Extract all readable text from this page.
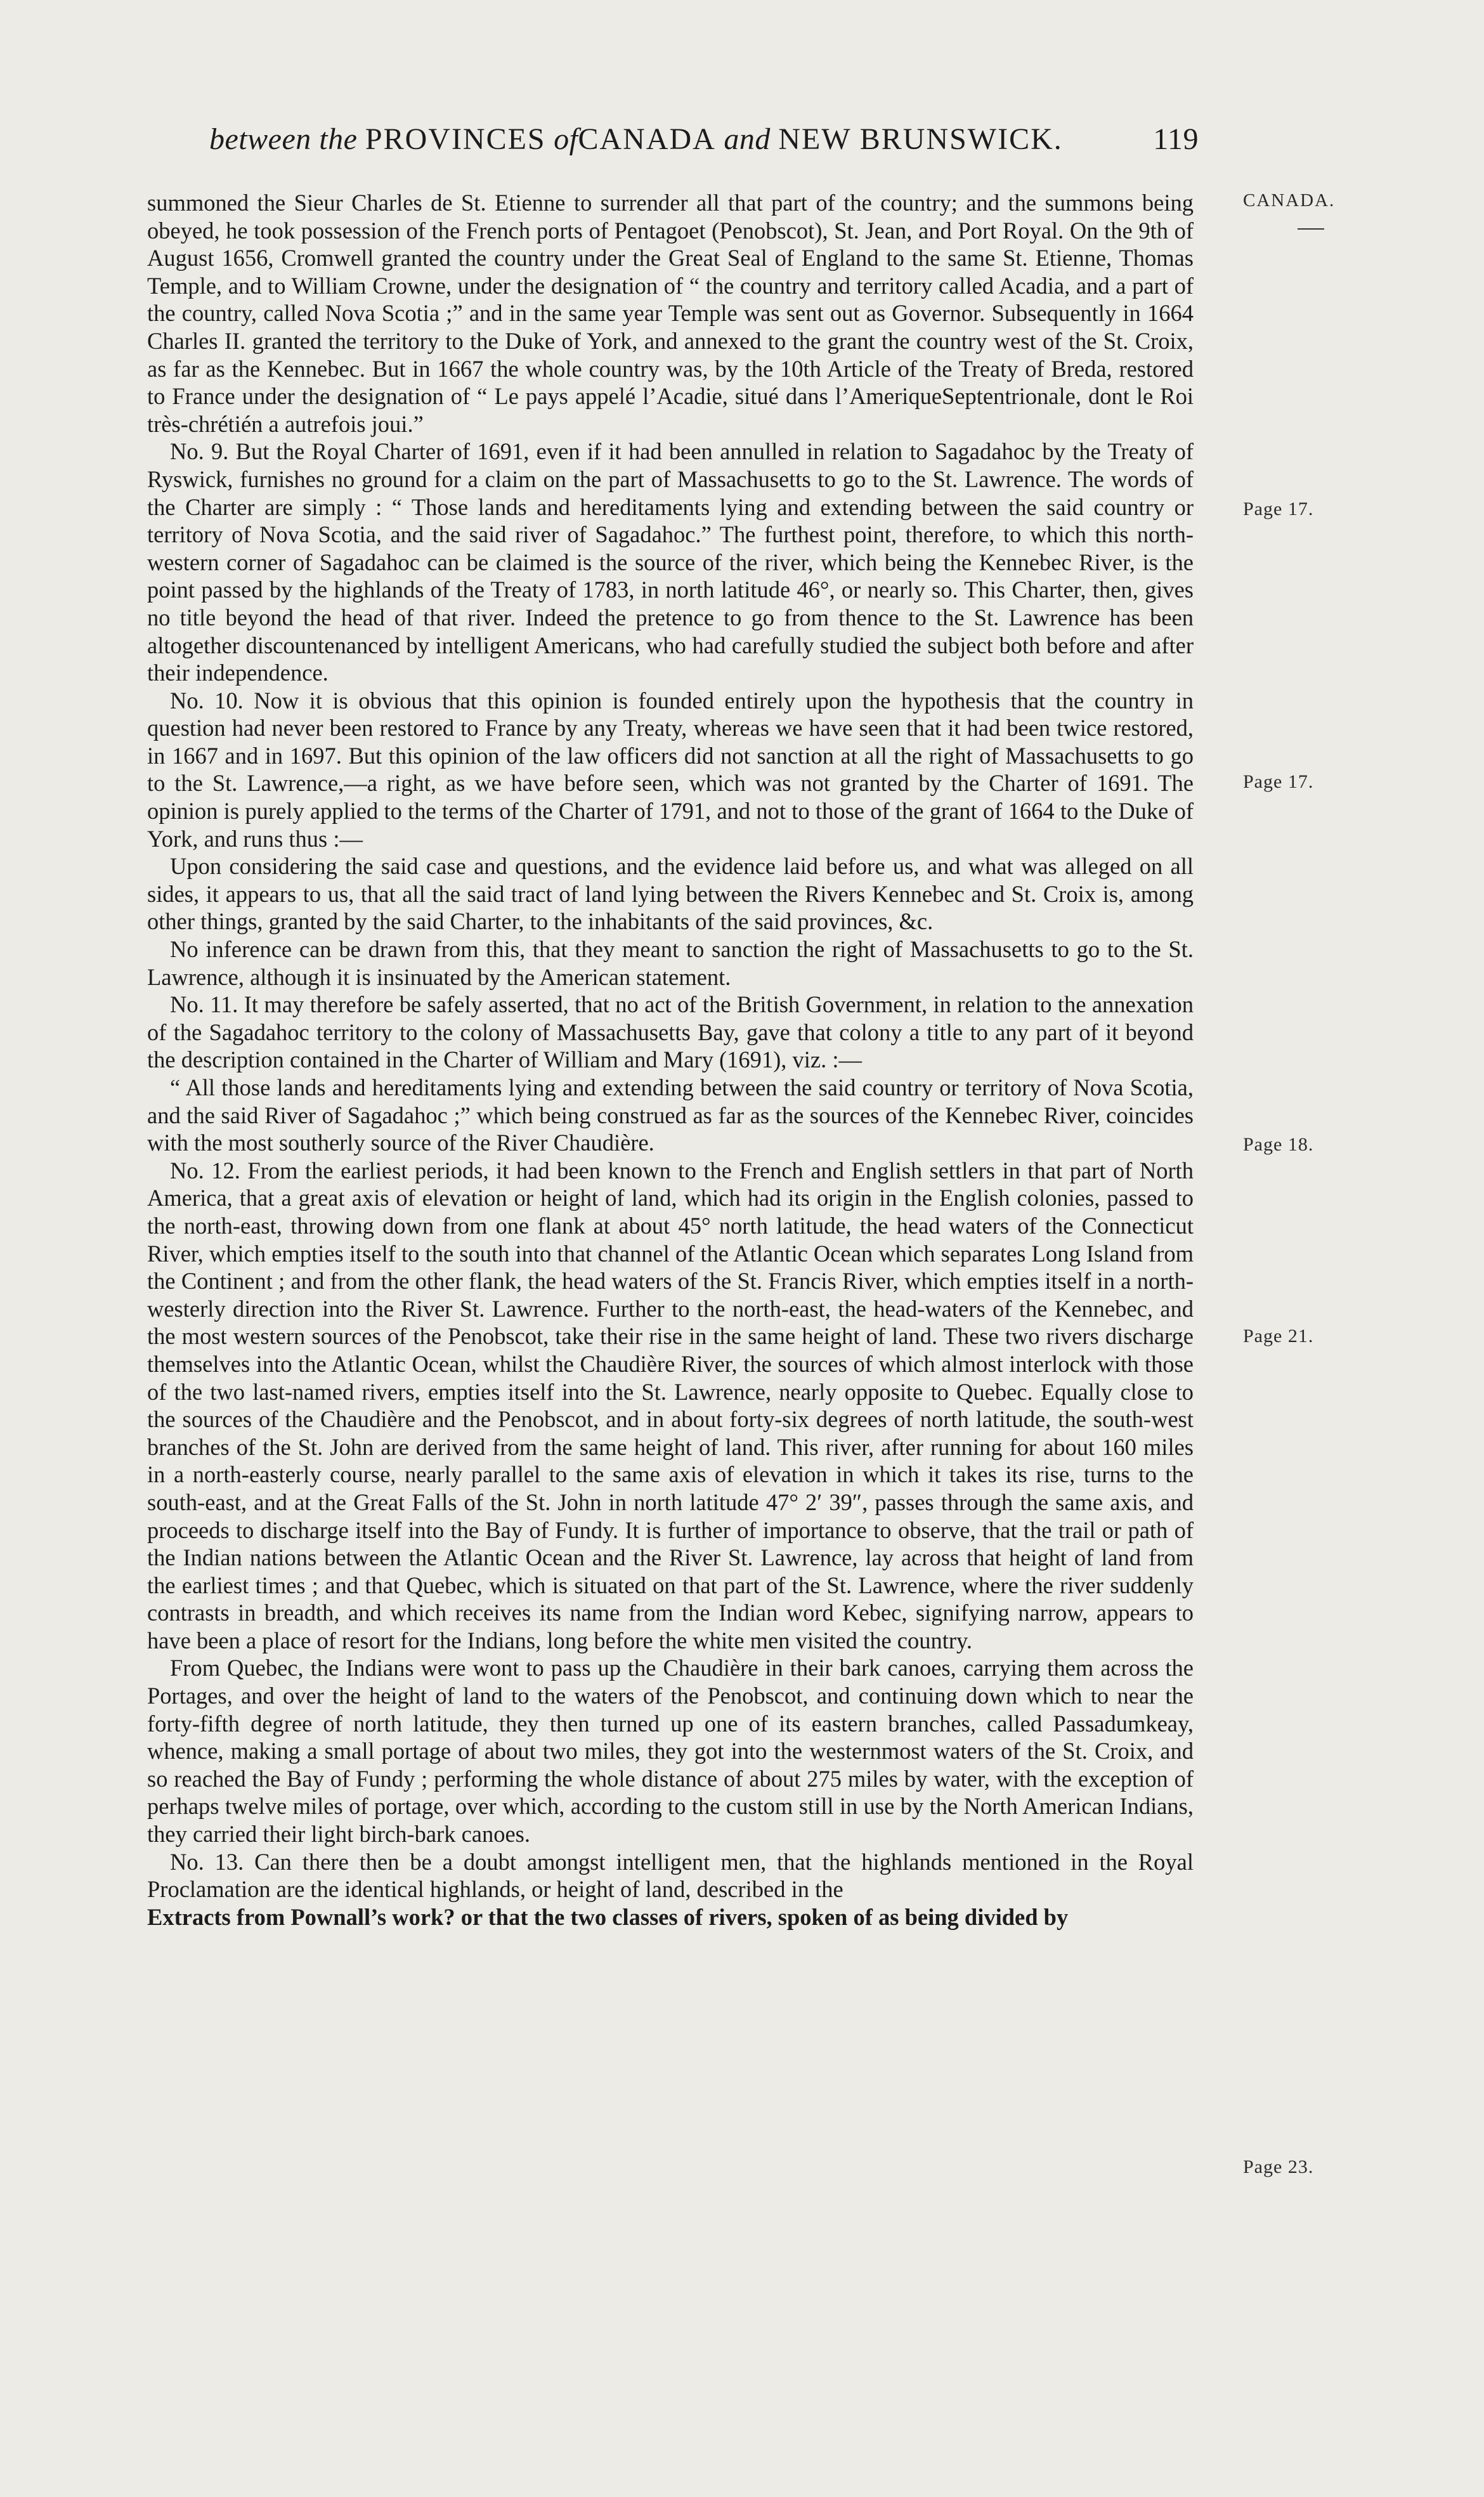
between the PROVINCES ofCANADA and NEW BRUNSWICK.	119
CANADA.
Page 17.
Page 17.
Page 18.
Page 21.
Page 23.

summoned the Sieur Charles de St. Etienne to surrender all that part of the country; and the summons being obeyed, he took possession of the French ports of Pentagoet (Penobscot), St. Jean, and Port Royal. On the 9th of August 1656, Cromwell granted the country under the Great Seal of England to the same St. Etienne, Thomas Temple, and to William Crowne, under the designation of “ the country and territory called Acadia, and a part of the country, called Nova Scotia ;” and in the same year Temple was sent out as Governor. Subsequently in 1664 Charles II. granted the territory to the Duke of York, and annexed to the grant the country west of the St. Croix, as far as the Kennebec. But in 1667 the whole country was, by the 10th Article of the Treaty of Breda, restored to France under the designation of “ Le pays appelé l’Acadie, situé dans l’AmeriqueSeptentrionale, dont le Roi très-chrétién a autrefois joui.”

No. 9. But the Royal Charter of 1691, even if it had been annulled in relation to Sagadahoc by the Treaty of Ryswick, furnishes no ground for a claim on the part of Massachusetts to go to the St. Lawrence. The words of the Charter are simply : “ Those lands and hereditaments lying and extending between the said country or territory of Nova Scotia, and the said river of Sagadahoc.” The furthest point, therefore, to which this north-western corner of Sagadahoc can be claimed is the source of the river, which being the Kennebec River, is the point passed by the highlands of the Treaty of 1783, in north latitude 46°, or nearly so. This Charter, then, gives no title beyond the head of that river. Indeed the pretence to go from thence to the St. Lawrence has been altogether discountenanced by intelligent Americans, who had carefully studied the subject both before and after their independence.

No. 10. Now it is obvious that this opinion is founded entirely upon the hypothesis that the country in question had never been restored to France by any Treaty, whereas we have seen that it had been twice restored, in 1667 and in 1697. But this opinion of the law officers did not sanction at all the right of Massachusetts to go to the St. Lawrence,—a right, as we have before seen, which was not granted by the Charter of 1691. The opinion is purely applied to the terms of the Charter of 1791, and not to those of the grant of 1664 to the Duke of York, and runs thus :—

Upon considering the said case and questions, and the evidence laid before us, and what was alleged on all sides, it appears to us, that all the said tract of land lying between the Rivers Kennebec and St. Croix is, among other things, granted by the said Charter, to the inhabitants of the said provinces, &c.

No inference can be drawn from this, that they meant to sanction the right of Massachusetts to go to the St. Lawrence, although it is insinuated by the American statement.

No. 11. It may therefore be safely asserted, that no act of the British Government, in relation to the annexation of the Sagadahoc territory to the colony of Massachusetts Bay, gave that colony a title to any part of it beyond the description contained in the Charter of William and Mary (1691), viz. :—

“ All those lands and hereditaments lying and extending between the said country or territory of Nova Scotia, and the said River of Sagadahoc ;” which being construed as far as the sources of the Kennebec River, coincides with the most southerly source of the River Chaudière.

No. 12. From the earliest periods, it had been known to the French and English settlers in that part of North America, that a great axis of elevation or height of land, which had its origin in the English colonies, passed to the north-east, throwing down from one flank at about 45° north latitude, the head waters of the Connecticut River, which empties itself to the south into that channel of the Atlantic Ocean which separates Long Island from the Continent ; and from the other flank, the head waters of the St. Francis River, which empties itself in a north-westerly direction into the River St. Lawrence. Further to the north-east, the head-waters of the Kennebec, and the most western sources of the Penobscot, take their rise in the same height of land. These two rivers discharge themselves into the Atlantic Ocean, whilst the Chaudière River, the sources of which almost interlock with those of the two last-named rivers, empties itself into the St. Lawrence, nearly opposite to Quebec. Equally close to the sources of the Chaudière and the Penobscot, and in about forty-six degrees of north latitude, the south-west branches of the St. John are derived from the same height of land. This river, after running for about 160 miles in a north-easterly course, nearly parallel to the same axis of elevation in which it takes its rise, turns to the south-east, and at the Great Falls of the St. John in north latitude 47° 2′ 39″, passes through the same axis, and proceeds to discharge itself into the Bay of Fundy. It is further of importance to observe, that the trail or path of the Indian nations between the Atlantic Ocean and the River St. Lawrence, lay across that height of land from the earliest times ; and that Quebec, which is situated on that part of the St. Lawrence, where the river suddenly contrasts in breadth, and which receives its name from the Indian word Kebec, signifying narrow, appears to have been a place of resort for the Indians, long before the white men visited the country.

From Quebec, the Indians were wont to pass up the Chaudière in their bark canoes, carrying them across the Portages, and over the height of land to the waters of the Penobscot, and continuing down which to near the forty-fifth degree of north latitude, they then turned up one of its eastern branches, called Passadumkeay, whence, making a small portage of about two miles, they got into the westernmost waters of the St. Croix, and so reached the Bay of Fundy ; performing the whole distance of about 275 miles by water, with the exception of perhaps twelve miles of portage, over which, according to the custom still in use by the North American Indians, they carried their light birch-bark canoes.

No. 13. Can there then be a doubt amongst intelligent men, that the highlands mentioned in the Royal Proclamation are the identical highlands, or height of land, described in the

Extracts from Pownall’s work? or that the two classes of rivers, spoken of as being divided by
